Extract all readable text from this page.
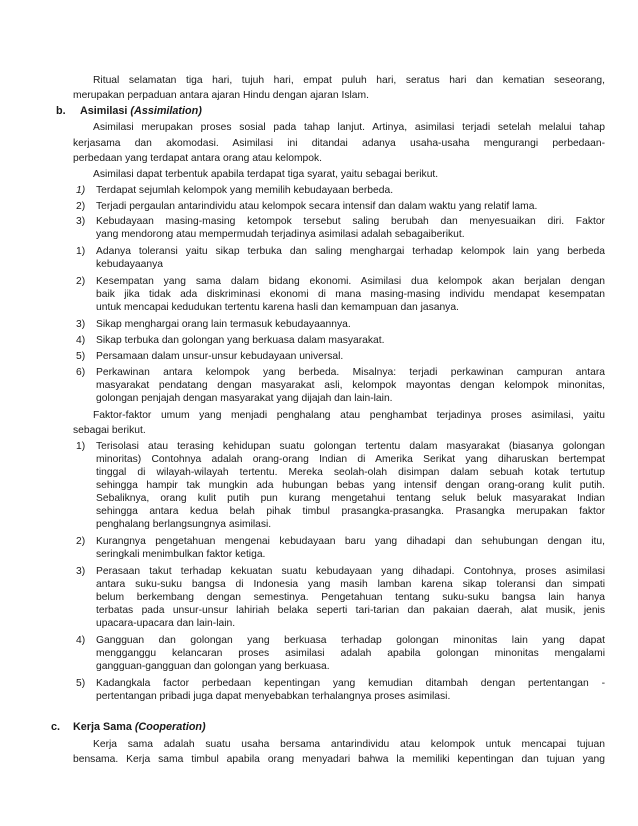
Ritual selamatan tiga hari, tujuh hari, empat puluh hari, seratus hari dan kematian seseorang,
merupakan perpaduan antara ajaran Hindu dengan ajaran Islam.
b. Asimilasi (Assimilation)
Asimilasi merupakan proses sosial pada tahap lanjut. Artinya, asimilasi terjadi setelah melalui tahap
kerjasama dan akomodasi. Asimilasi ini ditandai adanya usaha-usaha mengurangi perbedaan-
perbedaan yang terdapat antara orang atau kelompok.
Asimilasi dapat terbentuk apabila terdapat tiga syarat, yaitu sebagai berikut.
1) Terdapat sejumlah kelompok yang memilih kebudayaan berbeda.
2) Terjadi pergaulan antarindividu atau kelompok secara intensif dan dalam waktu yang relatif lama.
3) Kebudayaan masing-masing ketompok tersebut saling berubah dan menyesuaikan diri. Faktor
yang mendorong atau mempermudah terjadinya asimilasi adalah sebagaiberikut.
1) Adanya toleransi yaitu sikap terbuka dan saling menghargai terhadap kelompok lain yang berbeda
kebudayaanya
2) Kesempatan yang sama dalam bidang ekonomi. Asimilasi dua kelompok akan berjalan dengan
baik jika tidak ada diskriminasi ekonomi di mana masing-masing individu mendapat kesempatan
untuk mencapai kedudukan tertentu karena hasli dan kemampuan dan jasanya.
3) Sikap menghargai orang lain termasuk kebudayaannya.
4) Sikap terbuka dan golongan yang berkuasa dalam masyarakat.
5) Persamaan dalam unsur-unsur kebudayaan universal.
6) Perkawinan antara kelompok yang berbeda. Misalnya: terjadi perkawinan campuran antara
masyarakat pendatang dengan masyarakat asli, kelompok mayontas dengan kelompok minonitas,
golongan penjajah dengan masyarakat yang dijajah dan lain-lain.
Faktor-faktor umum yang menjadi penghalang atau penghambat terjadinya proses asimilasi, yaitu
sebagai berikut.
1) Terisolasi atau terasing kehidupan suatu golongan tertentu dalam masyarakat (biasanya golongan
minoritas) Contohnya adalah orang-orang Indian di Amerika Serikat yang diharuskan bertempat
tinggal di wilayah-wilayah tertentu. Mereka seolah-olah disimpan dalam sebuah kotak tertutup
sehingga hampir tak mungkin ada hubungan bebas yang intensif dengan orang-orang kulit putih.
Sebaliknya, orang kulit putih pun kurang mengetahui tentang seluk beluk masyarakat Indian
sehingga antara kedua belah pihak timbul prasangka-prasangka. Prasangka merupakan faktor
penghalang berlangsungnya asimilasi.
2) Kurangnya pengetahuan mengenai kebudayaan baru yang dihadapi dan sehubungan dengan itu,
seringkali menimbulkan faktor ketiga.
3) Perasaan takut terhadap kekuatan suatu kebudayaan yang dihadapi. Contohnya, proses asimilasi
antara suku-suku bangsa di Indonesia yang masih lamban karena sikap toleransi dan simpati
belum berkembang dengan semestinya. Pengetahuan tentang suku-suku bangsa lain hanya
terbatas pada unsur-unsur lahiriah belaka seperti tari-tarian dan pakaian daerah, alat musik, jenis
upacara-upacara dan lain-lain.
4) Gangguan dan golongan yang berkuasa terhadap golongan minonitas lain yang dapat
mengganggu kelancaran proses asimilasi adalah apabila golongan minonitas mengalami
gangguan-gangguan dan golongan yang berkuasa.
5) Kadangkala factor perbedaan kepentingan yang kemudian ditambah dengan pertentangan -
pertentangan pribadi juga dapat menyebabkan terhalangnya proses asimilasi.
c. Kerja Sama (Cooperation)
Kerja sama adalah suatu usaha bersama antarindividu atau kelompok untuk mencapai tujuan
bensama. Kerja sama timbul apabila orang menyadari bahwa la memiliki kepentingan dan tujuan yang
